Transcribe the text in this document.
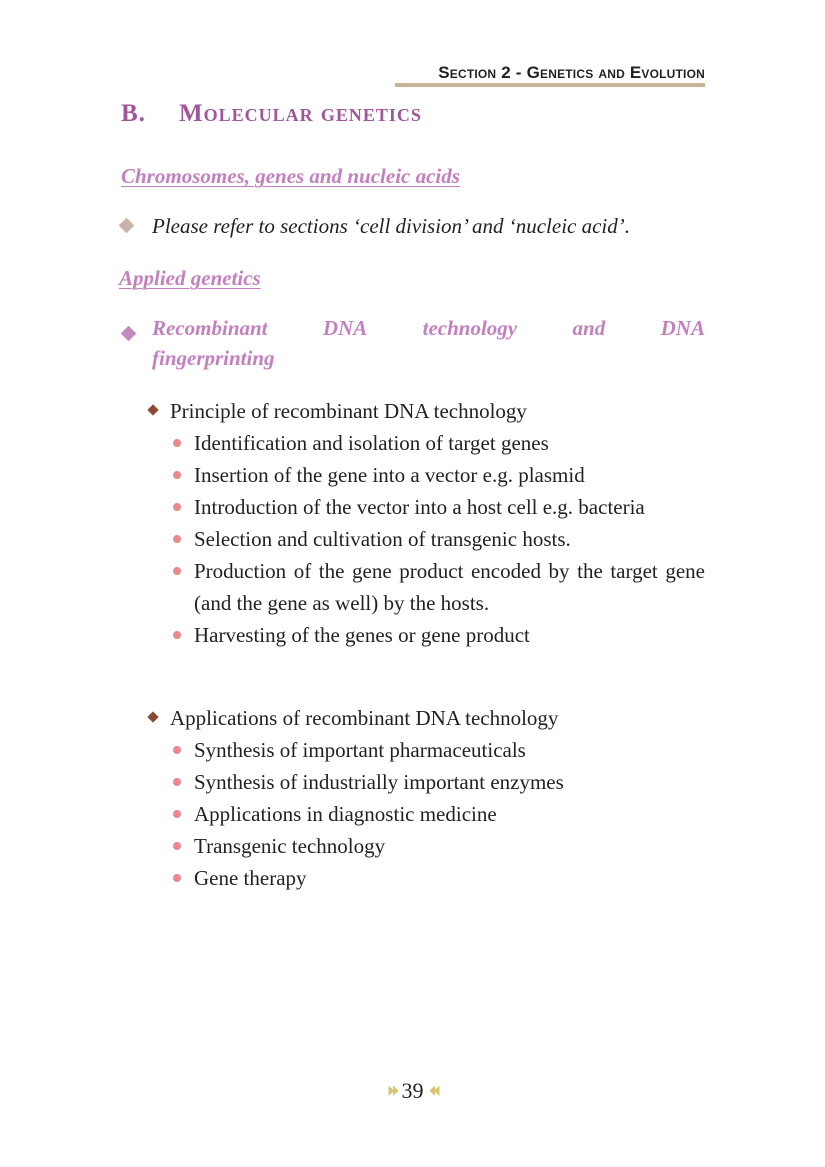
Section 2 - Genetics and Evolution
B. Molecular genetics
Chromosomes, genes and nucleic acids
Please refer to sections ‘cell division’ and ‘nucleic acid’.
Applied genetics
Recombinant	DNA	technology	and	DNA
fingerprinting
Principle of recombinant DNA technology
Identification and isolation of target genes
Insertion of the gene into a vector e.g. plasmid
Introduction of the vector into a host cell e.g. bacteria
Selection and cultivation of transgenic hosts.
Production of the gene product encoded by the target gene (and the gene as well) by the hosts.
Harvesting of the genes or gene product
Applications of recombinant DNA technology
Synthesis of important pharmaceuticals
Synthesis of industrially important enzymes
Applications in diagnostic medicine
Transgenic technology
Gene therapy
⏵⏵ 39 ⏴⏴
